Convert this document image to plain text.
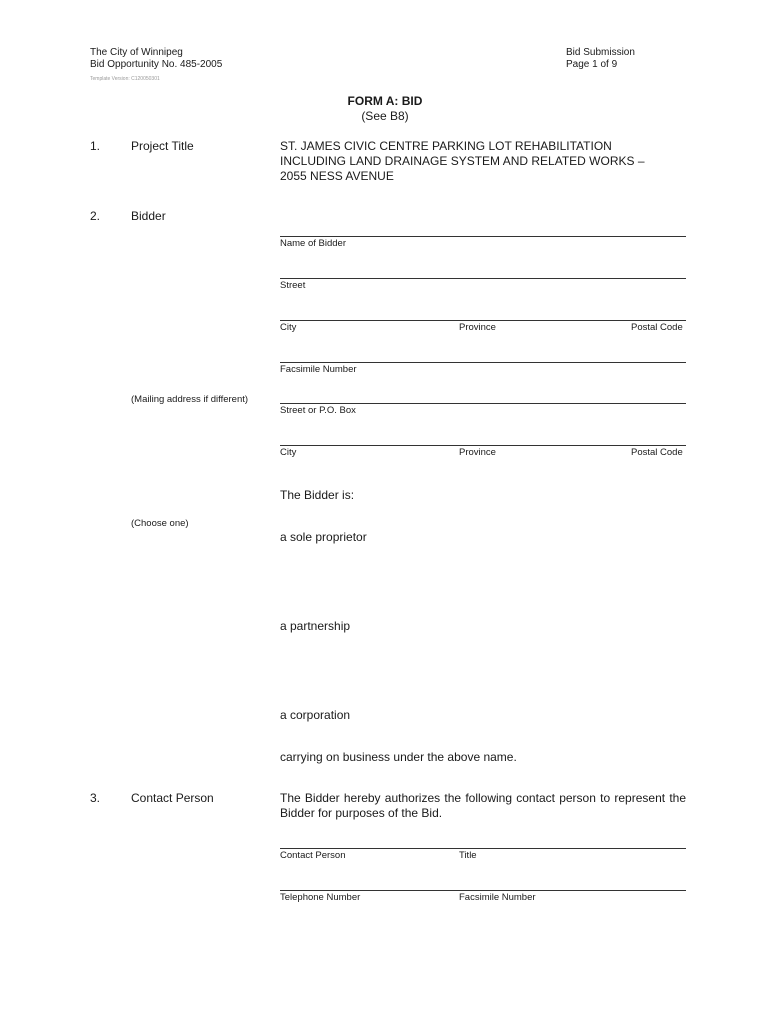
The City of Winnipeg
Bid Opportunity No. 485-2005
Template Version: C120050301
Bid Submission
Page 1 of 9
FORM A: BID
(See B8)
1.	Project Title	ST. JAMES CIVIC CENTRE PARKING LOT REHABILITATION
INCLUDING LAND DRAINAGE SYSTEM AND RELATED WORKS –
2055 NESS AVENUE
2.	Bidder
Name of Bidder
Street
City	Province	Postal Code
Facsimile Number
(Mailing address if different)
Street or P.O. Box
City	Province	Postal Code
The Bidder is:
(Choose one)
a sole proprietor
a partnership
a corporation
carrying on business under the above name.
3.	Contact Person	The Bidder hereby authorizes the following contact person to represent the Bidder for purposes of the Bid.
Contact Person	Title
Telephone Number	Facsimile Number
